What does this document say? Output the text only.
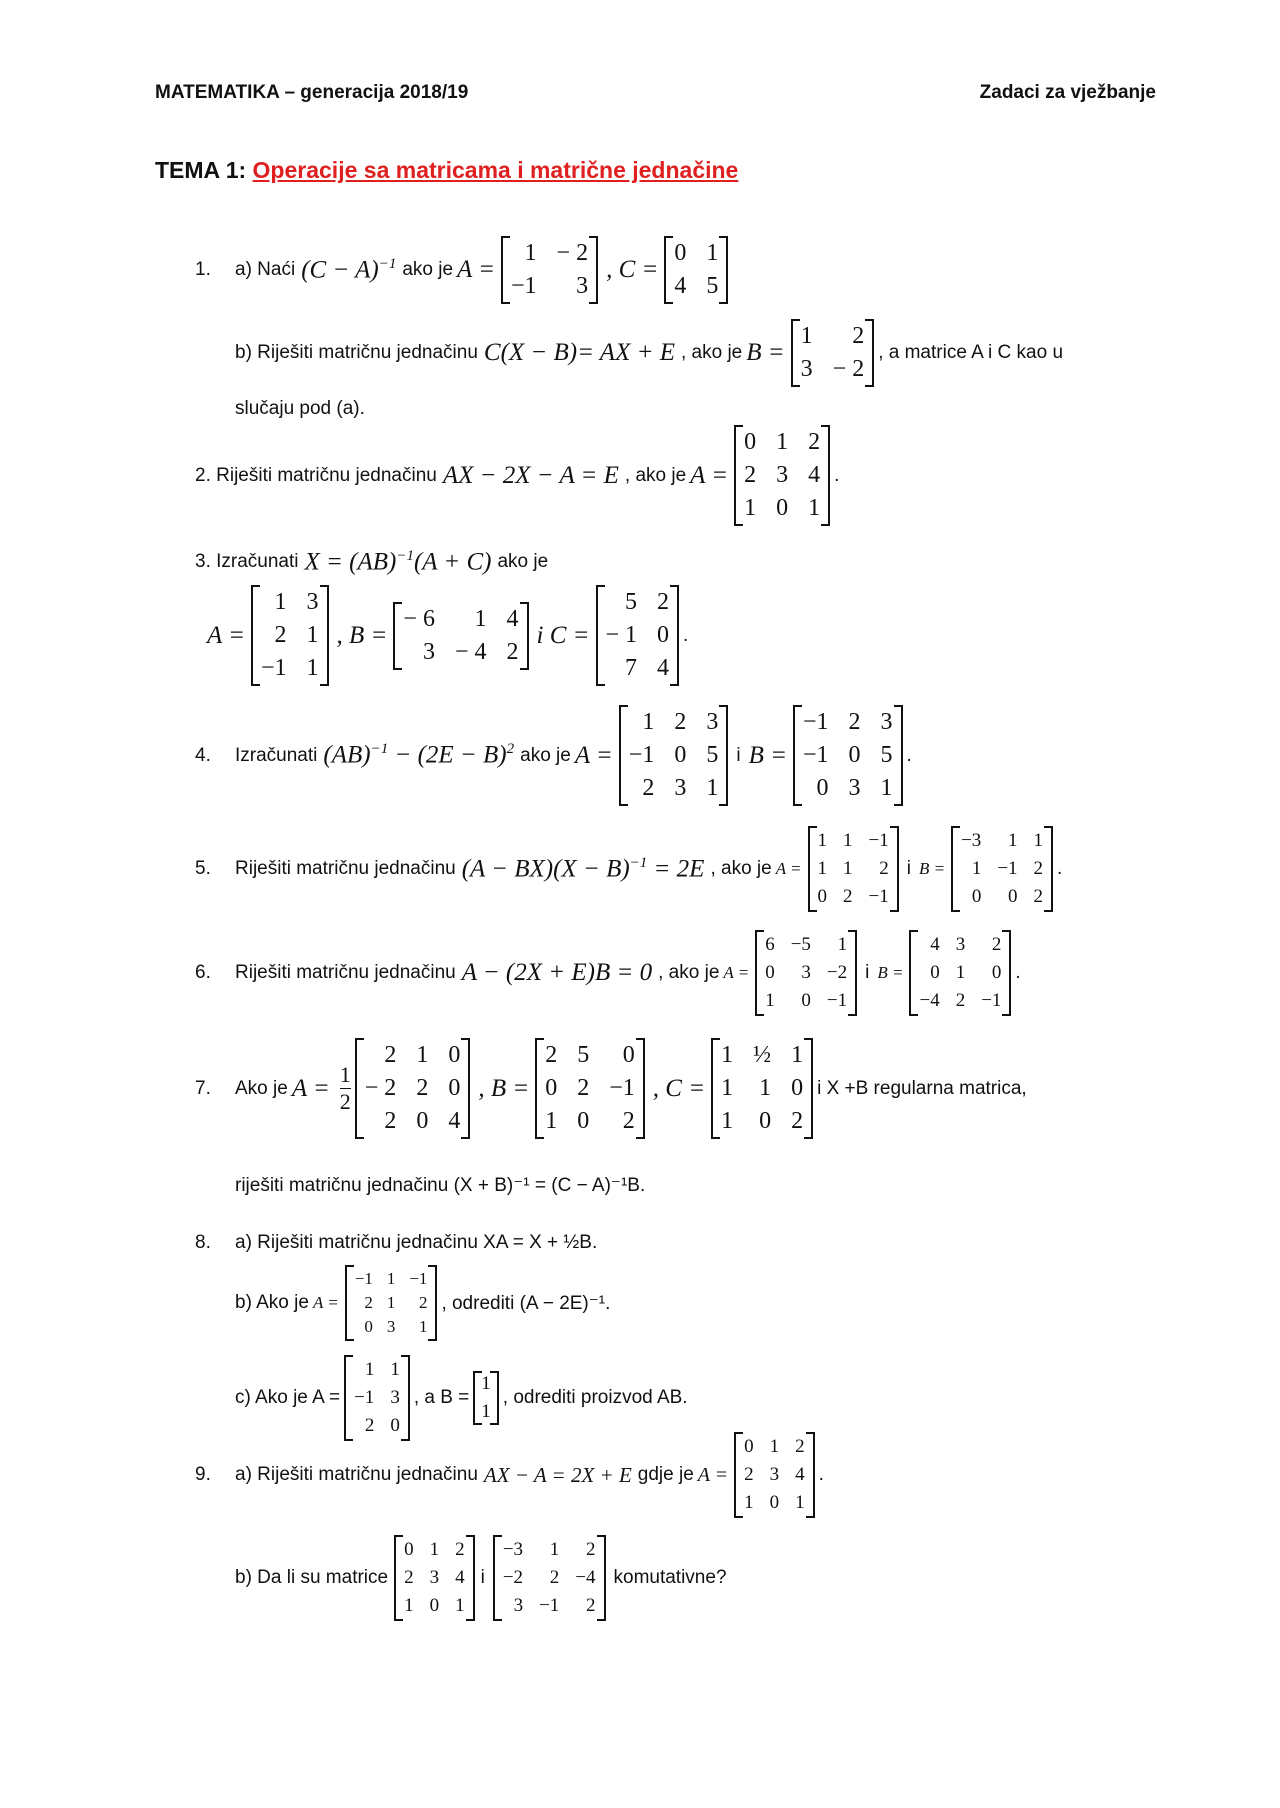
MATEMATIKA – generacija 2018/19	Zadaci za vježbanje
TEMA 1: Operacije sa matricama i matrične jednačine
1.	a) Naći $(C - A)^{-1}$ ako je A =
1 − 2
−1	3
, C =
0 1
4 5
b) Riješiti matričnu jednačinu C(X − B)= AX + E , ako je B =
1	2
3 − 2
, a matrice A i C kao u
slučaju pod (a).
2. Riješiti matričnu jednačinu AX − 2X − A = E , ako je A =
0 1 2
2 3 4
1 0 1
.
3. Izračunati X = (AB)$^{-1}$(A + C) ako je
A =
1 3
2 1
−1 1
, B =
− 6	1 4
3 − 4 2
i C =
5 2
− 1 0
7 4
.
4.	Izračunati $(AB)^{-1} - (2E - B)^2$ ako je A =
1 2 3
−1 0 5
2 3 1
i B =
−1 2 3
−1 0 5
0 3 1
.
5.	Riješiti matričnu jednačinu $(A - BX)(X - B)^{-1} = 2E$ , ako je A =
1 1 −1
1 1	2
0 2 −1
i B =
−3	1 1
1 −1 2
0	0 2
.
6.	Riješiti matričnu jednačinu A − (2X + E)B = 0 , ako je A =
6 −5	1
0	3 −2
1	0 −1
i B =
4 3	2
0 1	0
−4 2 −1
.
7.	Ako je $A = \frac{1}{2}$
2 1 0
− 2 2 0
2 0 4
, B =
2 5	0
0 2 −1
1 0	2
, C =
1 ½ 1
1 1 0
1 0 2
i X +B regularna matrica,
riješiti matričnu jednačinu (X + B)⁻¹ = (C − A)⁻¹B.
8.	a) Riješiti matričnu jednačinu XA = X + ½B.
b) Ako je A =
−1 1 −1
2 1	2
0 3	1
, odrediti (A − 2E)⁻¹.
c) Ako je A =
1 1
−1 3
2 0
, a B =
1
1
, odrediti proizvod AB.
9.	a) Riješiti matričnu jednačinu AX − A = 2X + E gdje je A =
0 1 2
2 3 4
1 0 1
.
b) Da li su matrice
0 1 2
2 3 4
1 0 1
i
−3	1	2
−2	2 −4
3 −1	2
komutativne?
